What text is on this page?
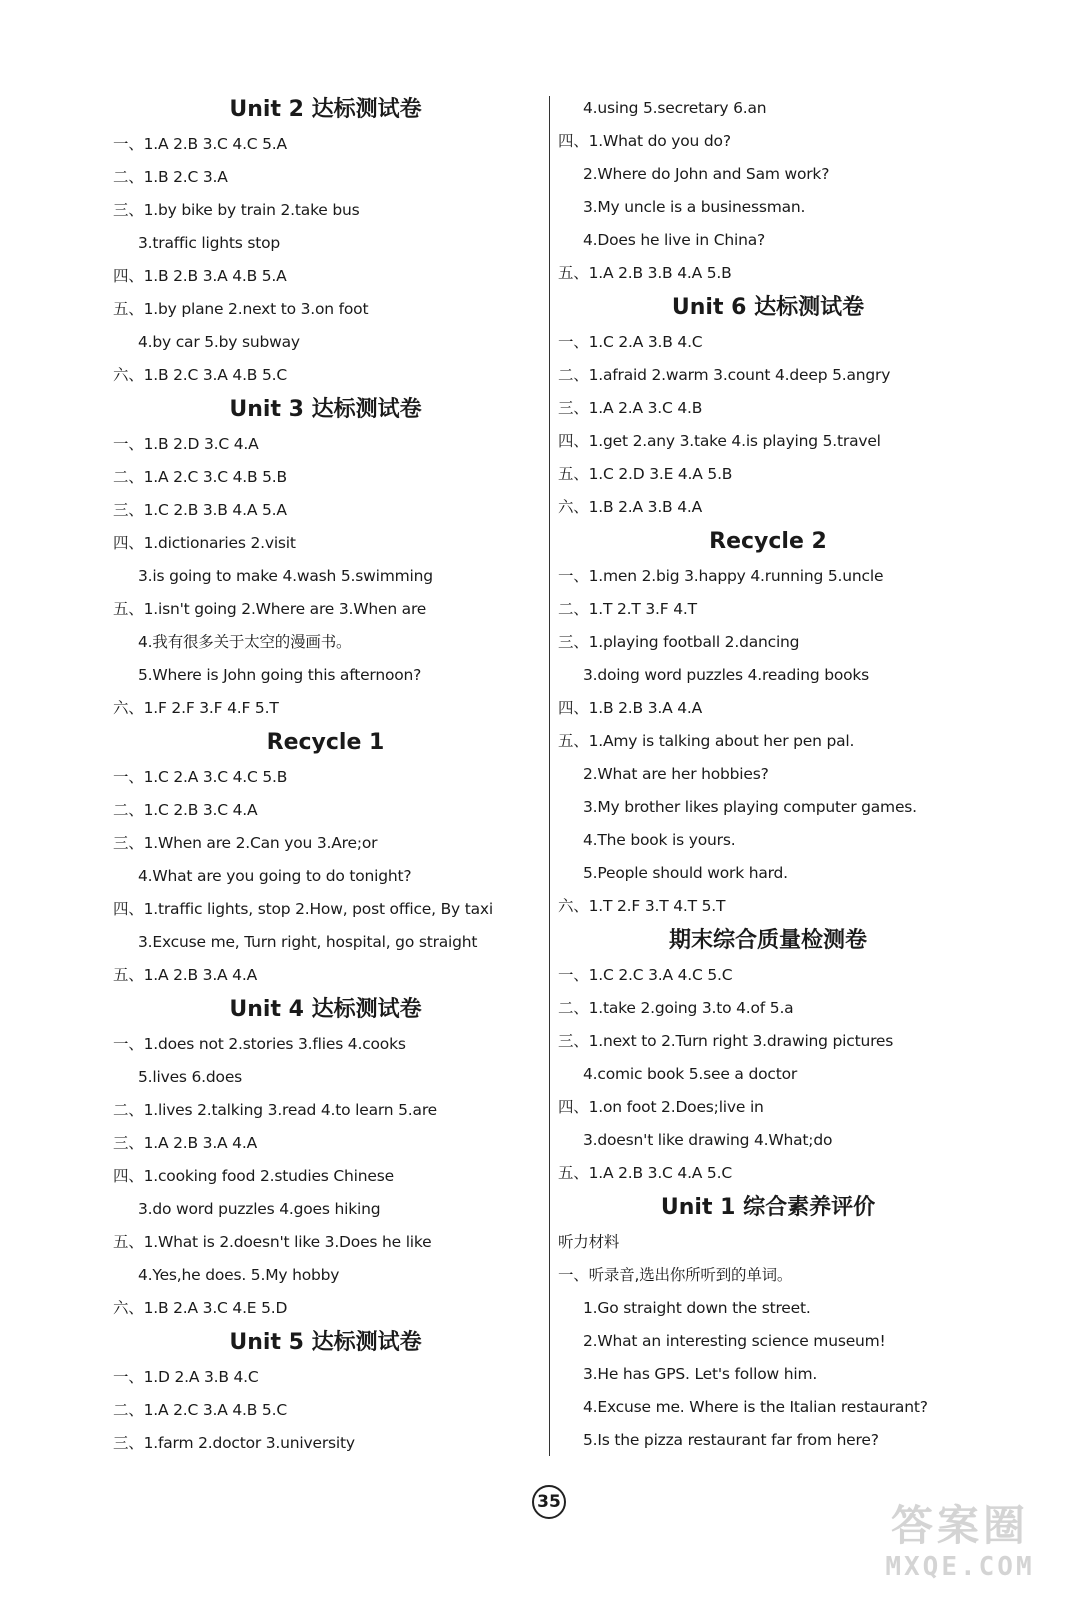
Unit 2 达标测试卷
一、1.A 2.B 3.C 4.C 5.A
二、1.B 2.C 3.A
三、1.by bike by train 2.take bus
3.traffic lights stop
四、1.B 2.B 3.A 4.B 5.A
五、1.by plane 2.next to 3.on foot
4.by car 5.by subway
六、1.B 2.C 3.A 4.B 5.C
Unit 3 达标测试卷
一、1.B 2.D 3.C 4.A
二、1.A 2.C 3.C 4.B 5.B
三、1.C 2.B 3.B 4.A 5.A
四、1.dictionaries 2.visit
3.is going to make 4.wash 5.swimming
五、1.isn't going 2.Where are 3.When are
4.我有很多关于太空的漫画书。
5.Where is John going this afternoon?
六、1.F 2.F 3.F 4.F 5.T
Recycle 1
一、1.C 2.A 3.C 4.C 5.B
二、1.C 2.B 3.C 4.A
三、1.When are 2.Can you 3.Are;or
4.What are you going to do tonight?
四、1.traffic lights, stop 2.How, post office, By taxi
3.Excuse me, Turn right, hospital, go straight
五、1.A 2.B 3.A 4.A
Unit 4 达标测试卷
一、1.does not 2.stories 3.flies 4.cooks
5.lives 6.does
二、1.lives 2.talking 3.read 4.to learn 5.are
三、1.A 2.B 3.A 4.A
四、1.cooking food 2.studies Chinese
3.do word puzzles 4.goes hiking
五、1.What is 2.doesn't like 3.Does he like
4.Yes,he does. 5.My hobby
六、1.B 2.A 3.C 4.E 5.D
Unit 5 达标测试卷
一、1.D 2.A 3.B 4.C
二、1.A 2.C 3.A 4.B 5.C
三、1.farm 2.doctor 3.university
4.using 5.secretary 6.an
四、1.What do you do?
2.Where do John and Sam work?
3.My uncle is a businessman.
4.Does he live in China?
五、1.A 2.B 3.B 4.A 5.B
Unit 6 达标测试卷
一、1.C 2.A 3.B 4.C
二、1.afraid 2.warm 3.count 4.deep 5.angry
三、1.A 2.A 3.C 4.B
四、1.get 2.any 3.take 4.is playing 5.travel
五、1.C 2.D 3.E 4.A 5.B
六、1.B 2.A 3.B 4.A
Recycle 2
一、1.men 2.big 3.happy 4.running 5.uncle
二、1.T 2.T 3.F 4.T
三、1.playing football 2.dancing
3.doing word puzzles 4.reading books
四、1.B 2.B 3.A 4.A
五、1.Amy is talking about her pen pal.
2.What are her hobbies?
3.My brother likes playing computer games.
4.The book is yours.
5.People should work hard.
六、1.T 2.F 3.T 4.T 5.T
期末综合质量检测卷
一、1.C 2.C 3.A 4.C 5.C
二、1.take 2.going 3.to 4.of 5.a
三、1.next to 2.Turn right 3.drawing pictures
4.comic book 5.see a doctor
四、1.on foot 2.Does;live in
3.doesn't like drawing 4.What;do
五、1.A 2.B 3.C 4.A 5.C
Unit 1 综合素养评价
听力材料
一、听录音,选出你所听到的单词。
1.Go straight down the street.
2.What an interesting science museum!
3.He has GPS. Let's follow him.
4.Excuse me. Where is the Italian restaurant?
5.Is the pizza restaurant far from here?
35	答案圈
MXQE.COM
